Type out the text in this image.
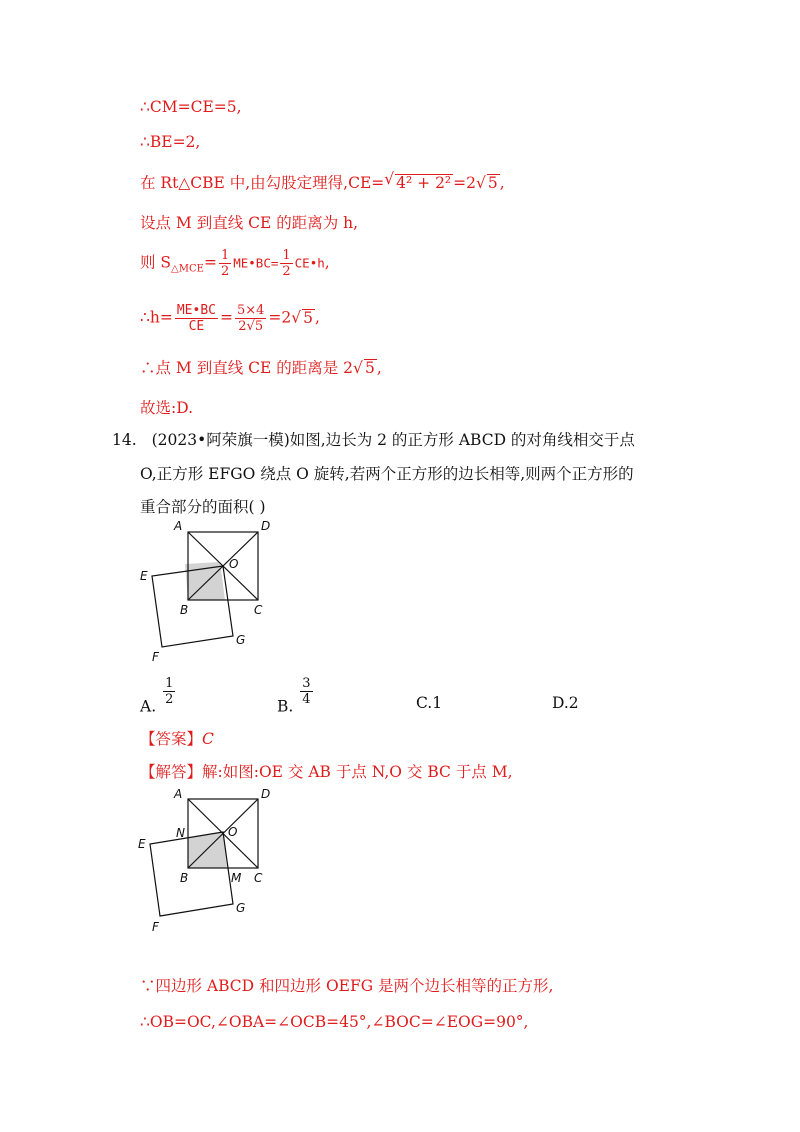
∴CM=CE=5,
∴BE=2,
在 Rt△CBE 中,由勾股定理得,CE=√ 4² + 2² =2√ 5 ,
设点 M 到直线 CE 的距离为 h,
则 $S_{\triangle MCE}= \frac{1}{2}$ ME•BC= $\frac{1}{2}$ CE•h,
∴h= $\frac{ME•BC}{CE} = \frac{5\times 4}{2√5} =2√$ 5 ,
∴点 M 到直线 CE 的距离是 2√ 5 ,
故选:D.
14. (2023•阿荣旗一模)如图,边长为 2 的正方形 ABCD 的对角线相交于点
O,正方形 EFGO 绕点 O 旋转,若两个正方形的边长相等,则两个正方形的
重合部分的面积( )
A	D
O
E
B	C
G
F
A. $\frac{1}{2}$	B. $\frac{3}{4}$	C.1	D.2
【答案】C
【解答】解:如图:OE 交 AB 于点 N,O 交 BC 于点 M,
A	D
N	O
E
B	M C
G
F
∵四边形 ABCD 和四边形 OEFG 是两个边长相等的正方形,
∴OB=OC,∠OBA=∠OCB=45°,∠BOC=∠EOG=90°,
